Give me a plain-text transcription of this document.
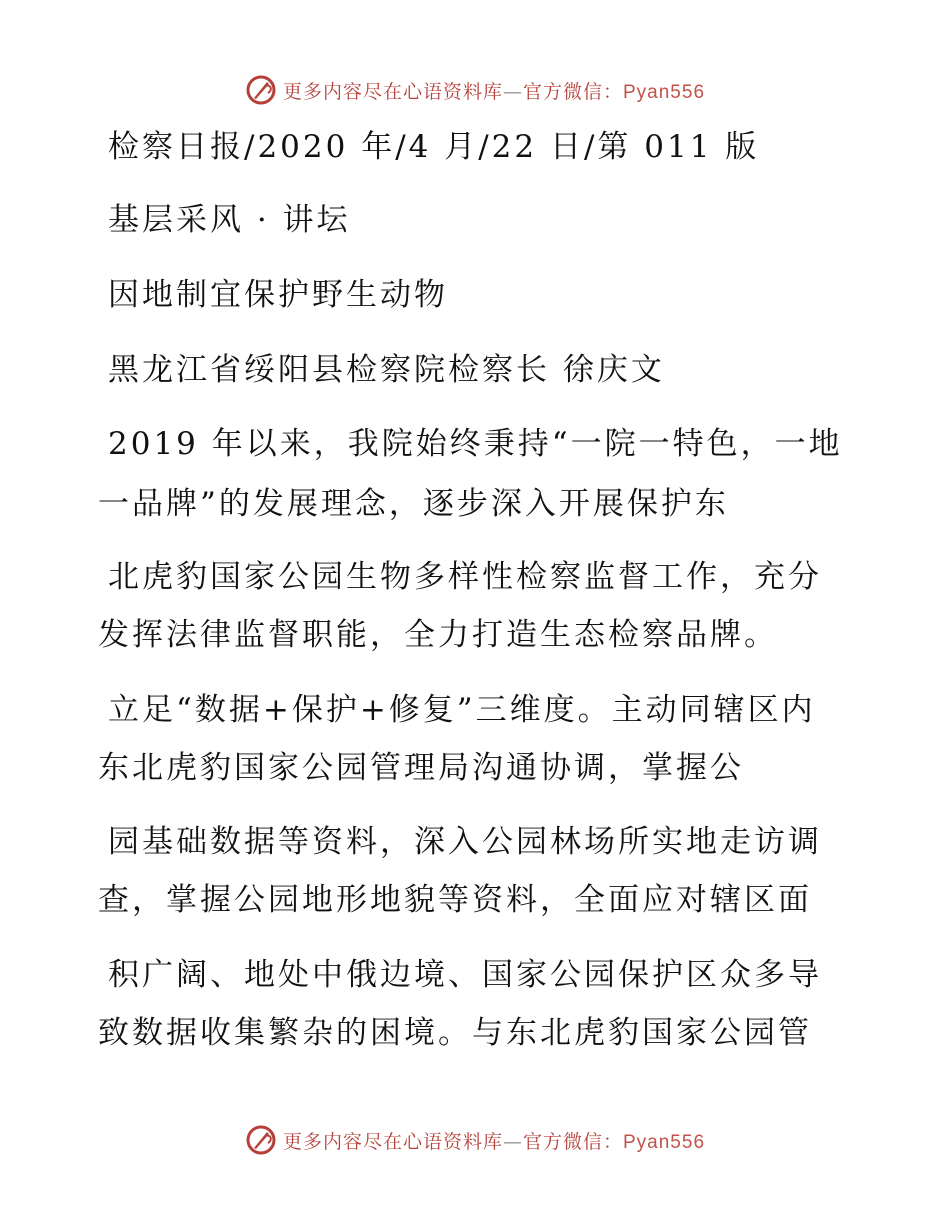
更多内容尽在心语资料库—官方微信：Pyan556
检察日报/2020 年/4 月/22 日/第 011 版
基层采风 · 讲坛
因地制宜保护野生动物
黑龙江省绥阳县检察院检察长 徐庆文
2019 年以来，我院始终秉持“一院一特色，一地
一品牌”的发展理念，逐步深入开展保护东
北虎豹国家公园生物多样性检察监督工作，充分
发挥法律监督职能，全力打造生态检察品牌。
立足“数据+保护+修复”三维度。主动同辖区内
东北虎豹国家公园管理局沟通协调，掌握公
园基础数据等资料，深入公园林场所实地走访调
查，掌握公园地形地貌等资料，全面应对辖区面
积广阔、地处中俄边境、国家公园保护区众多导
致数据收集繁杂的困境。与东北虎豹国家公园管
更多内容尽在心语资料库—官方微信：Pyan556
